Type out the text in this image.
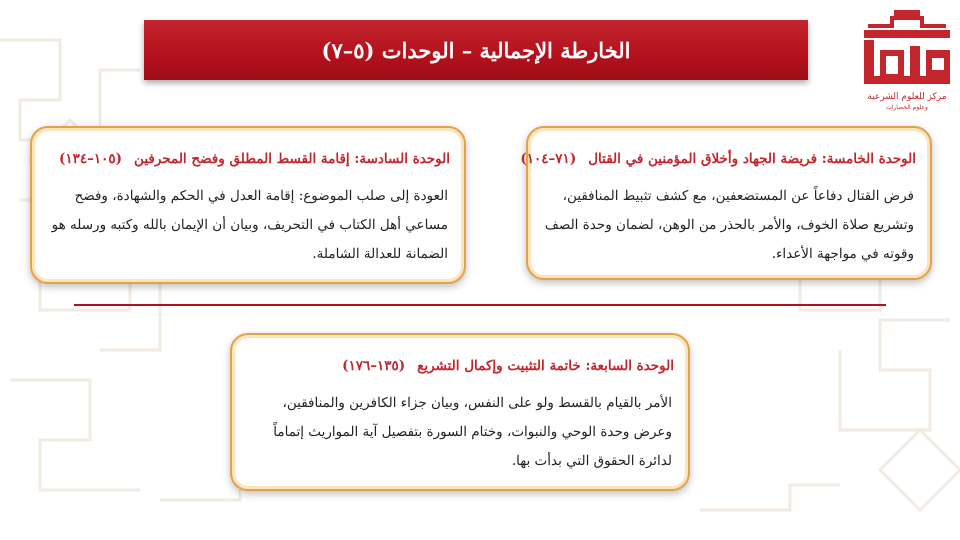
الخارطة الإجمالية – الوحدات (٥–٧)
مركز للعلوم الشرعية
وعلوم الحضارات
الوحدة الخامسة: فريضة الجهاد وأخلاق المؤمنين في القتال(٧١–١٠٤)
فرض القتال دفاعاً عن المستضعفين، مع كشف تثبيط المنافقين، وتشريع صلاة الخوف، والأمر بالحذر من الوهن، لضمان وحدة الصف وقوته في مواجهة الأعداء.
الوحدة السادسة: إقامة القسط المطلق وفضح المحرفين(١٠٥–١٣٤)
العودة إلى صلب الموضوع: إقامة العدل في الحكم والشهادة، وفضح مساعي أهل الكتاب في التحريف، وبيان أن الإيمان بالله وكتبه ورسله هو الضمانة للعدالة الشاملة.
الوحدة السابعة: خاتمة التثبيت وإكمال التشريع(١٣٥–١٧٦)
الأمر بالقيام بالقسط ولو على النفس، وبيان جزاء الكافرين والمنافقين، وعرض وحدة الوحي والنبوات، وختام السورة بتفصيل آية المواريث إتماماً لدائرة الحقوق التي بدأت بها.
